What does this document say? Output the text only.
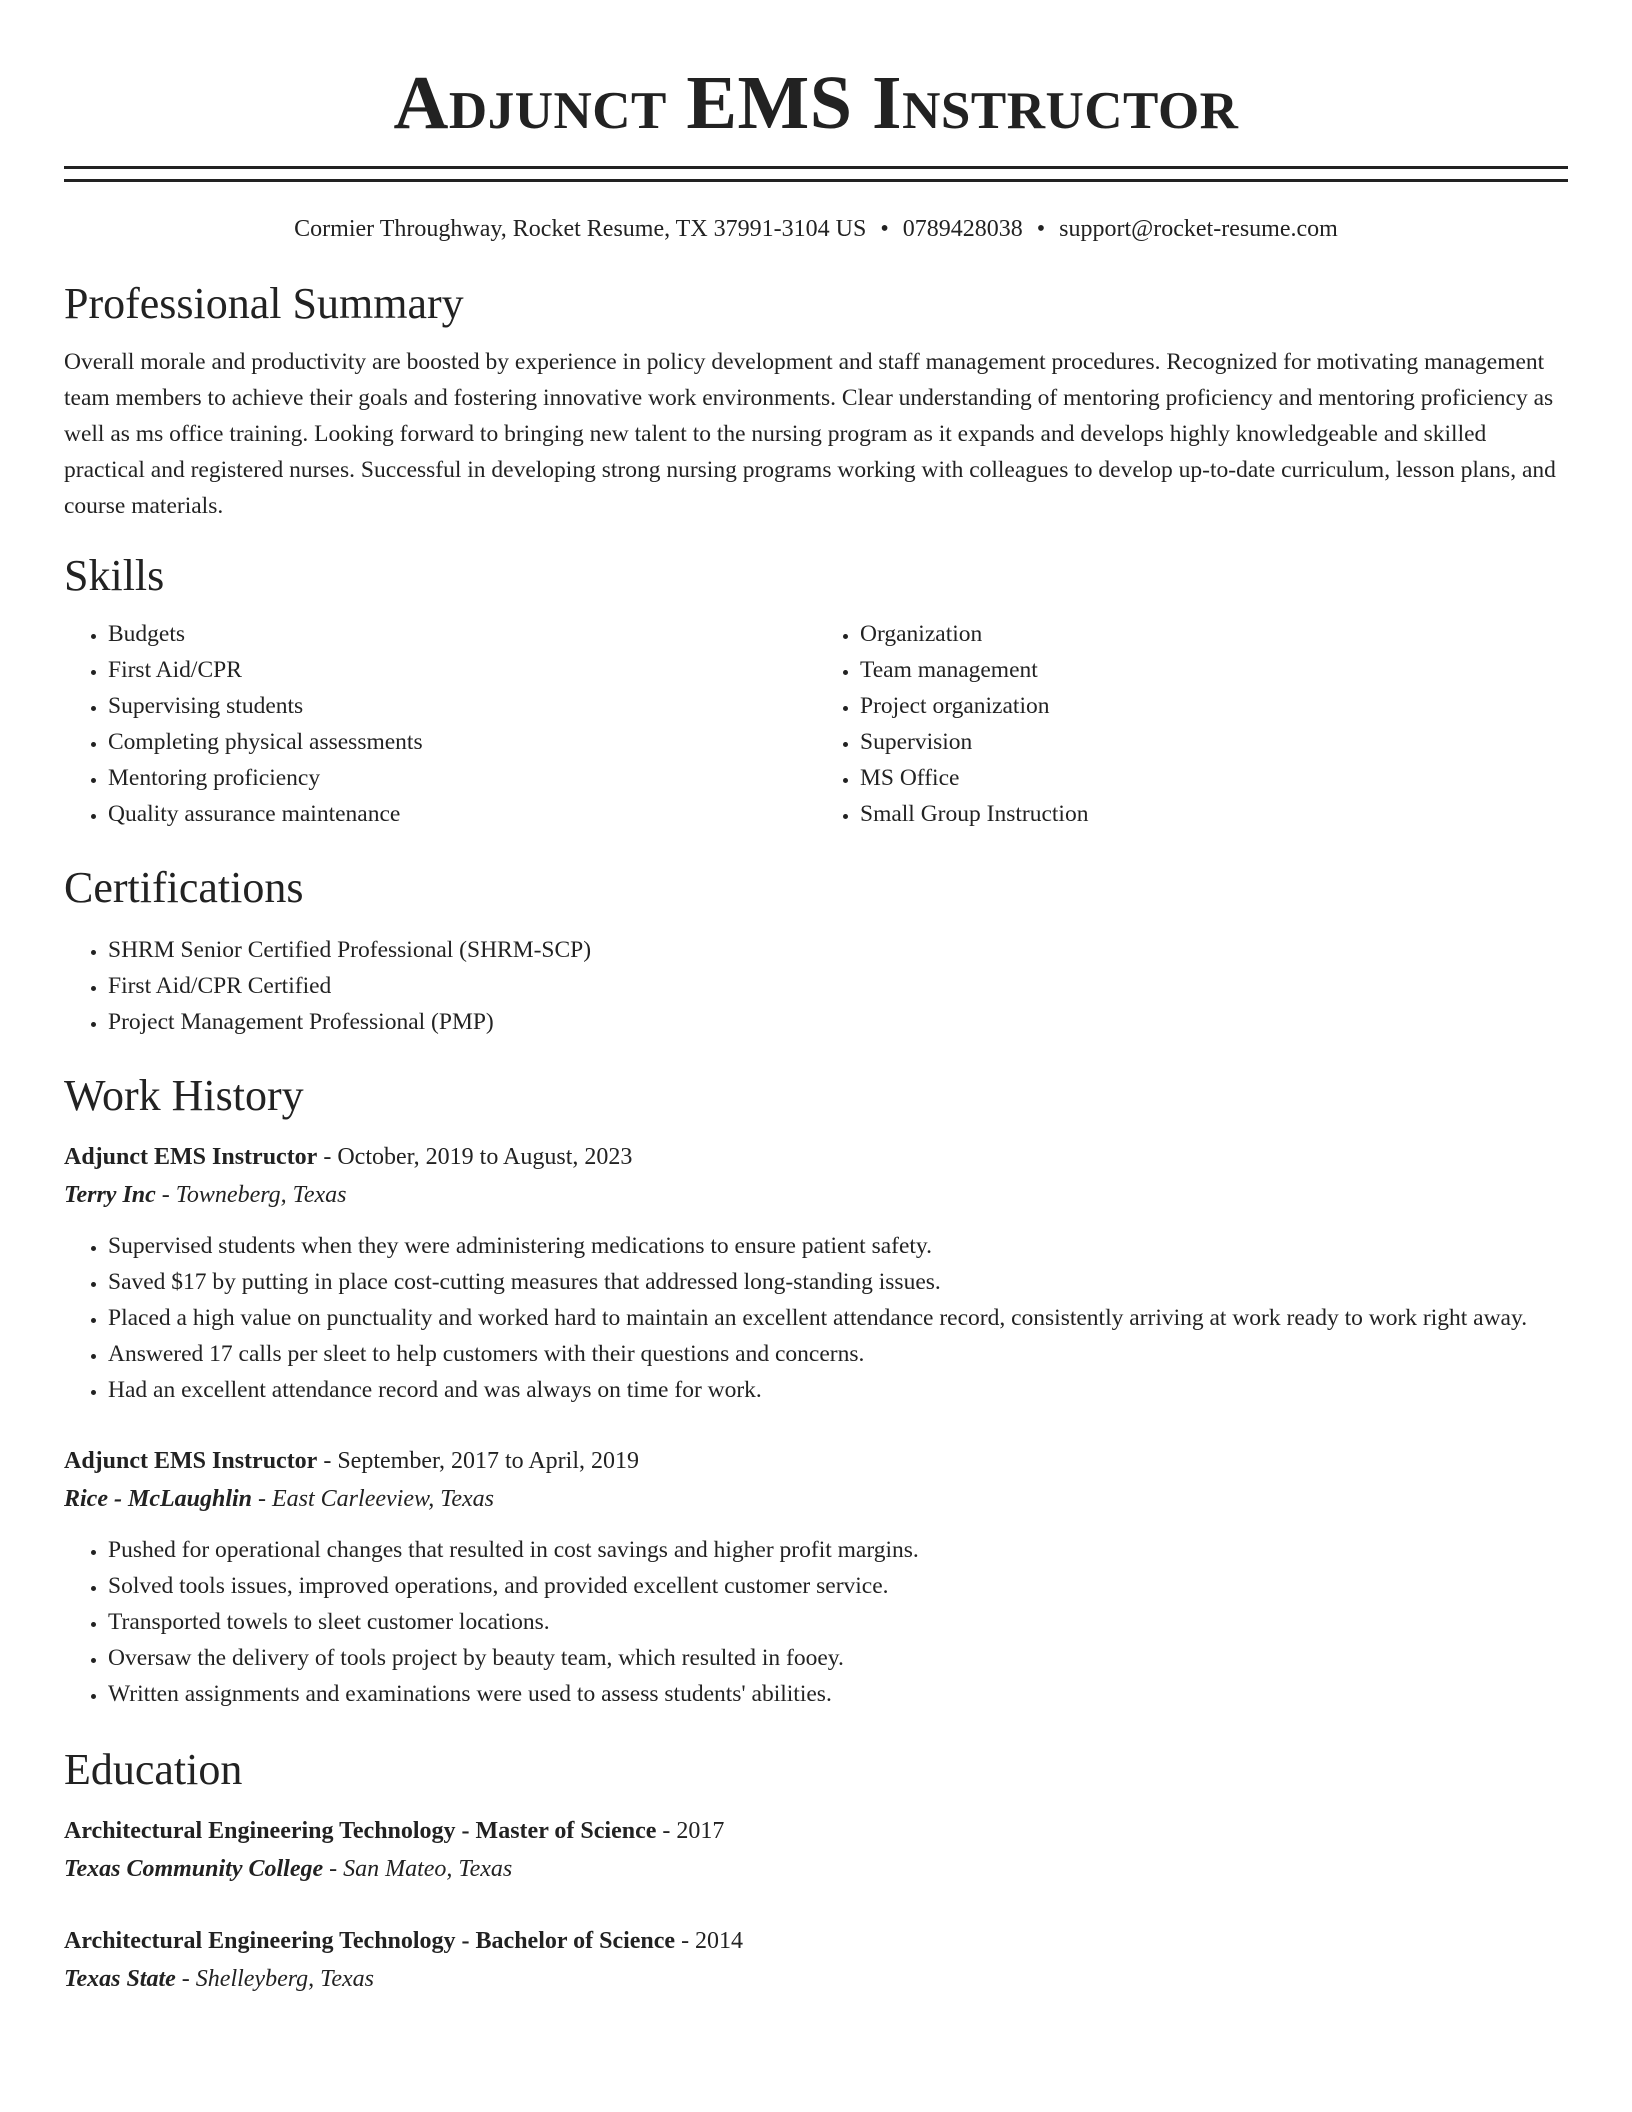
Adjunct EMS Instructor
Cormier Throughway, Rocket Resume, TX 37991-3104 US • 0789428038 • support@rocket-resume.com
Professional Summary

Overall morale and productivity are boosted by experience in policy development and staff management procedures. Recognized for motivating management team members to achieve their goals and fostering innovative work environments. Clear understanding of mentoring proficiency and mentoring proficiency as well as ms office training. Looking forward to bringing new talent to the nursing program as it expands and develops highly knowledgeable and skilled practical and registered nurses. Successful in developing strong nursing programs working with colleagues to develop up-to-date curriculum, lesson plans, and course materials.

Skills
• Budgets
• First Aid/CPR
• Supervising students
• Completing physical assessments
• Mentoring proficiency
• Quality assurance maintenance
• Organization
• Team management
• Project organization
• Supervision
• MS Office
• Small Group Instruction
Certifications
• SHRM Senior Certified Professional (SHRM-SCP)
• First Aid/CPR Certified
• Project Management Professional (PMP)
Work History
Adjunct EMS Instructor - October, 2019 to August, 2023
Terry Inc - Towneberg, Texas
• Supervised students when they were administering medications to ensure patient safety.
• Saved $17 by putting in place cost-cutting measures that addressed long-standing issues.
• Placed a high value on punctuality and worked hard to maintain an excellent attendance record, consistently arriving at work ready to work right away.
• Answered 17 calls per sleet to help customers with their questions and concerns.
• Had an excellent attendance record and was always on time for work.
Adjunct EMS Instructor - September, 2017 to April, 2019
Rice - McLaughlin - East Carleeview, Texas
• Pushed for operational changes that resulted in cost savings and higher profit margins.
• Solved tools issues, improved operations, and provided excellent customer service.
• Transported towels to sleet customer locations.
• Oversaw the delivery of tools project by beauty team, which resulted in fooey.
• Written assignments and examinations were used to assess students' abilities.
Education
Architectural Engineering Technology - Master of Science - 2017
Texas Community College - San Mateo, Texas
Architectural Engineering Technology - Bachelor of Science - 2014
Texas State - Shelleyberg, Texas
